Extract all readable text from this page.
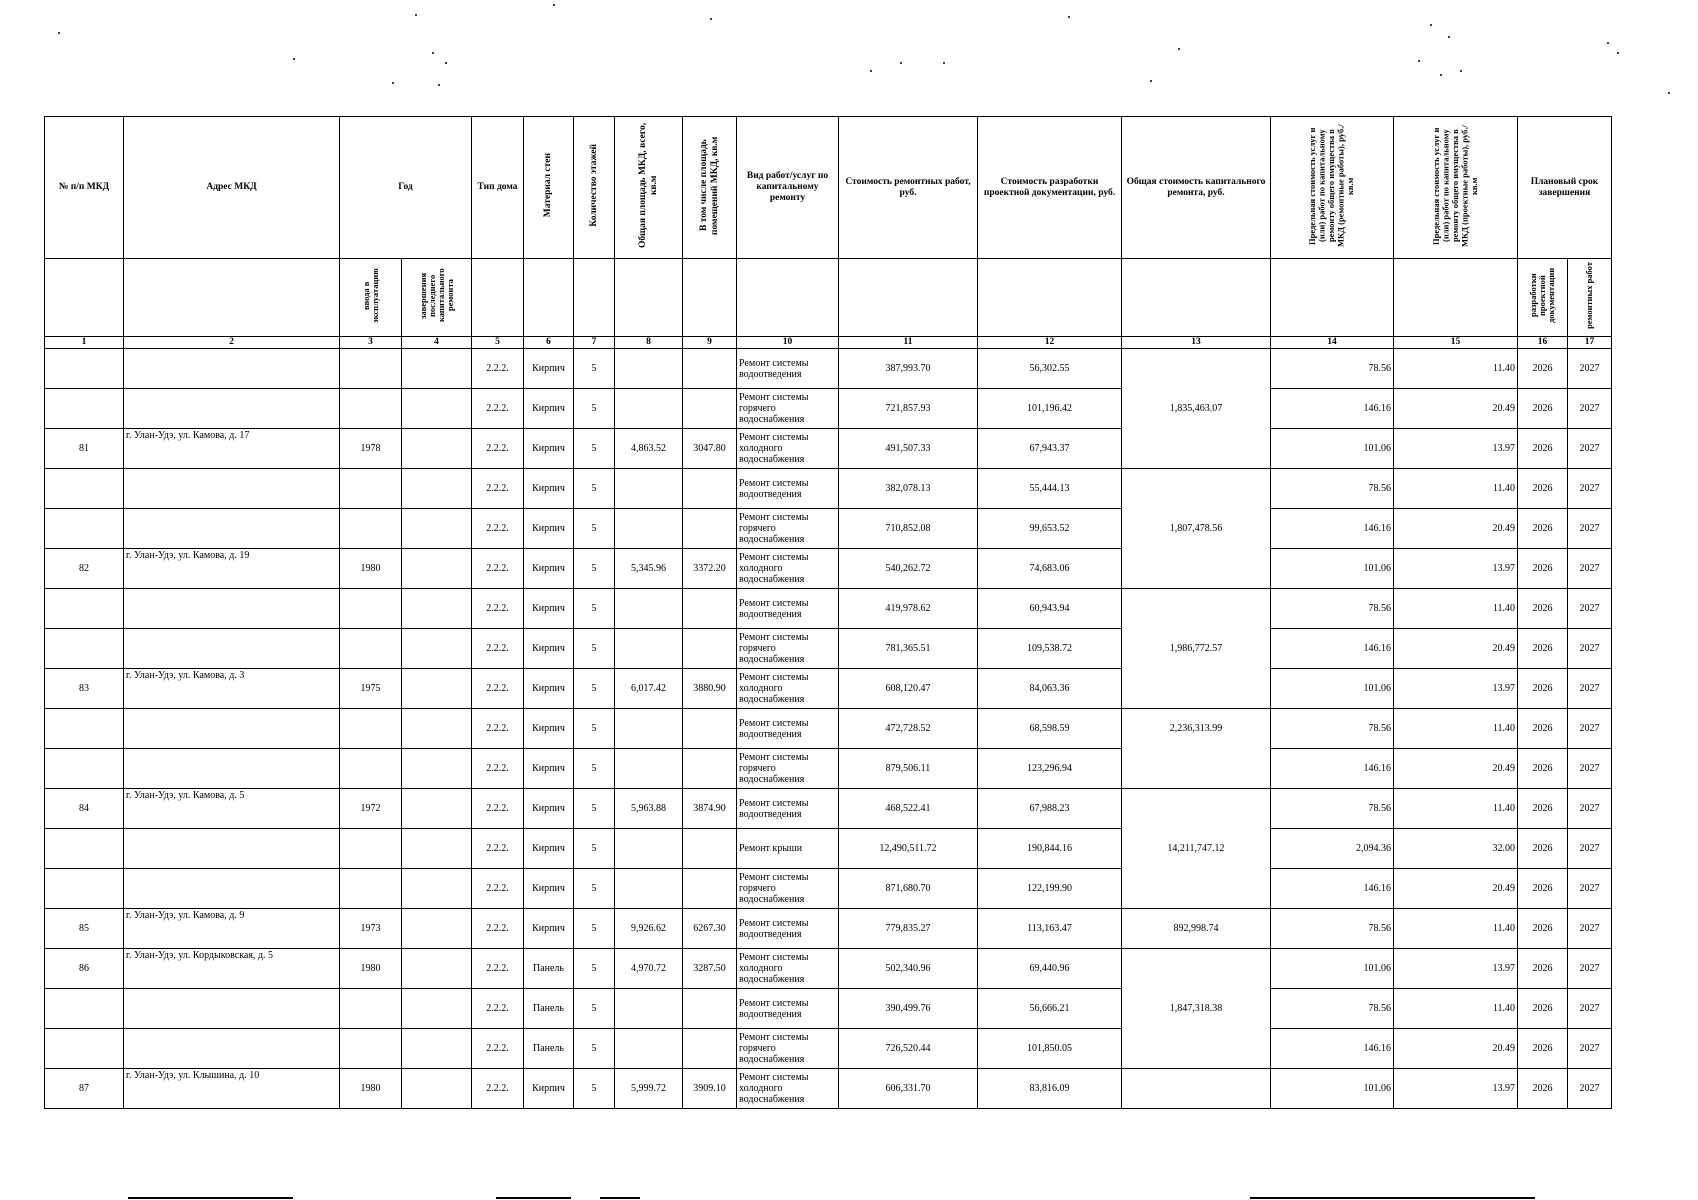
№ п/п МКД	Адрес МКД	Год		Тип дома	Материал стен	Количество этажей	Общая площадь МКД, всего, кв.м	В том числе площадь помещений МКД, кв.м	Вид работ/услуг по капитальному ремонту	Стоимость ремонтных работ, руб.	Стоимость разработки проектной документации, руб.	Общая стоимость капитального ремонта, руб.	Предельная стоимость услуг и (или) работ по капитальному ремонту общего имущества в МКД (ремонтные работы), руб./кв.м	Предельная стоимость услуг и (или) работ по капитальному ремонту общего имущества в МКД (проектные работы), руб./кв.м	Плановый срок завершения	
		ввода в эксплуатацию	завершения последнего капитального ремонта												разработки проектной документации	ремонтных работ
1	2	3	4	5	6	7	8	9	10	11	12	13	14	15	16	17
				2.2.2.	Кирпич	5			Ремонт системы водоотведения	387,993.70	56,302.55	1,835,463.07	78.56	11.40	2026	2027
				2.2.2.	Кирпич	5			Ремонт системы горячего водоснабжения	721,857.93	101,196.42		146.16	20.49	2026	2027
81	г. Улан-Удэ, ул. Камова, д. 17	1978		2.2.2.	Кирпич	5	4,863.52	3047.80	Ремонт системы холодного водоснабжения	491,507.33	67,943.37		101.06	13.97	2026	2027
				2.2.2.	Кирпич	5			Ремонт системы водоотведения	382,078.13	55,444.13	1,807,478.56	78.56	11.40	2026	2027
				2.2.2.	Кирпич	5			Ремонт системы горячего водоснабжения	710,852.08	99,653.52		146.16	20.49	2026	2027
82	г. Улан-Удэ, ул. Камова, д. 19	1980		2.2.2.	Кирпич	5	5,345.96	3372.20	Ремонт системы холодного водоснабжения	540,262.72	74,683.06		101.06	13.97	2026	2027
				2.2.2.	Кирпич	5			Ремонт системы водоотведения	419,978.62	60,943.94	1,986,772.57	78.56	11.40	2026	2027
				2.2.2.	Кирпич	5			Ремонт системы горячего водоснабжения	781,365.51	109,538.72		146.16	20.49	2026	2027
83	г. Улан-Удэ, ул. Камова, д. 3	1975		2.2.2.	Кирпич	5	6,017.42	3880.90	Ремонт системы холодного водоснабжения	608,120.47	84,063.36		101.06	13.97	2026	2027
				2.2.2.	Кирпич	5			Ремонт системы водоотведения	472,728.52	68,598.59	2,236,313.99	78.56	11.40	2026	2027
				2.2.2.	Кирпич	5			Ремонт системы горячего водоснабжения	879,506.11	123,296.94		146.16	20.49	2026	2027
84	г. Улан-Удэ, ул. Камова, д. 5	1972		2.2.2.	Кирпич	5	5,963.88	3874.90	Ремонт системы водоотведения	468,522.41	67,988.23	14,211,747.12	78.56	11.40	2026	2027
				2.2.2.	Кирпич	5			Ремонт крыши	12,490,511.72	190,844.16		2,094.36	32.00	2026	2027
				2.2.2.	Кирпич	5			Ремонт системы горячего водоснабжения	871,680.70	122,199.90		146.16	20.49	2026	2027
85	г. Улан-Удэ, ул. Камова, д. 9	1973		2.2.2.	Кирпич	5	9,926.62	6267.30	Ремонт системы водоотведения	779,835.27	113,163.47	892,998.74	78.56	11.40	2026	2027
86	г. Улан-Удэ, ул. Кордыковская, д. 5	1980		2.2.2.	Панель	5	4,970.72	3287.50	Ремонт системы холодного водоснабжения	502,340.96	69,440.96	1,847,318.38	101.06	13.97	2026	2027
				2.2.2.	Панель	5			Ремонт системы водоотведения	390,499.76	56,666.21		78.56	11.40	2026	2027
				2.2.2.	Панель	5			Ремонт системы горячего водоснабжения	726,520.44	101,850.05		146.16	20.49	2026	2027
87	г. Улан-Удэ, ул. Клышина, д. 10	1980		2.2.2.	Кирпич	5	5,999.72	3909.10	Ремонт системы холодного водоснабжения	606,331.70	83,816.09		101.06	13.97	2026	2027
